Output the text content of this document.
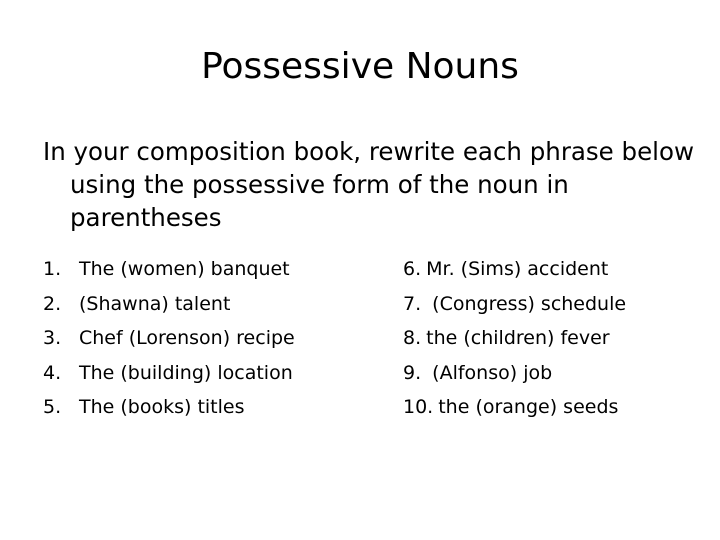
Possessive Nouns

In your composition book, rewrite each phrase below using the possessive form of the noun in parentheses

1. The (women) banquet
2. (Shawna) talent
3. Chef (Lorenson) recipe
4. The (building) location
5. The (books) titles
6. Mr. (Sims) accident
7. (Congress) schedule
8. the (children) fever
9. (Alfonso) job
10. the (orange) seeds
